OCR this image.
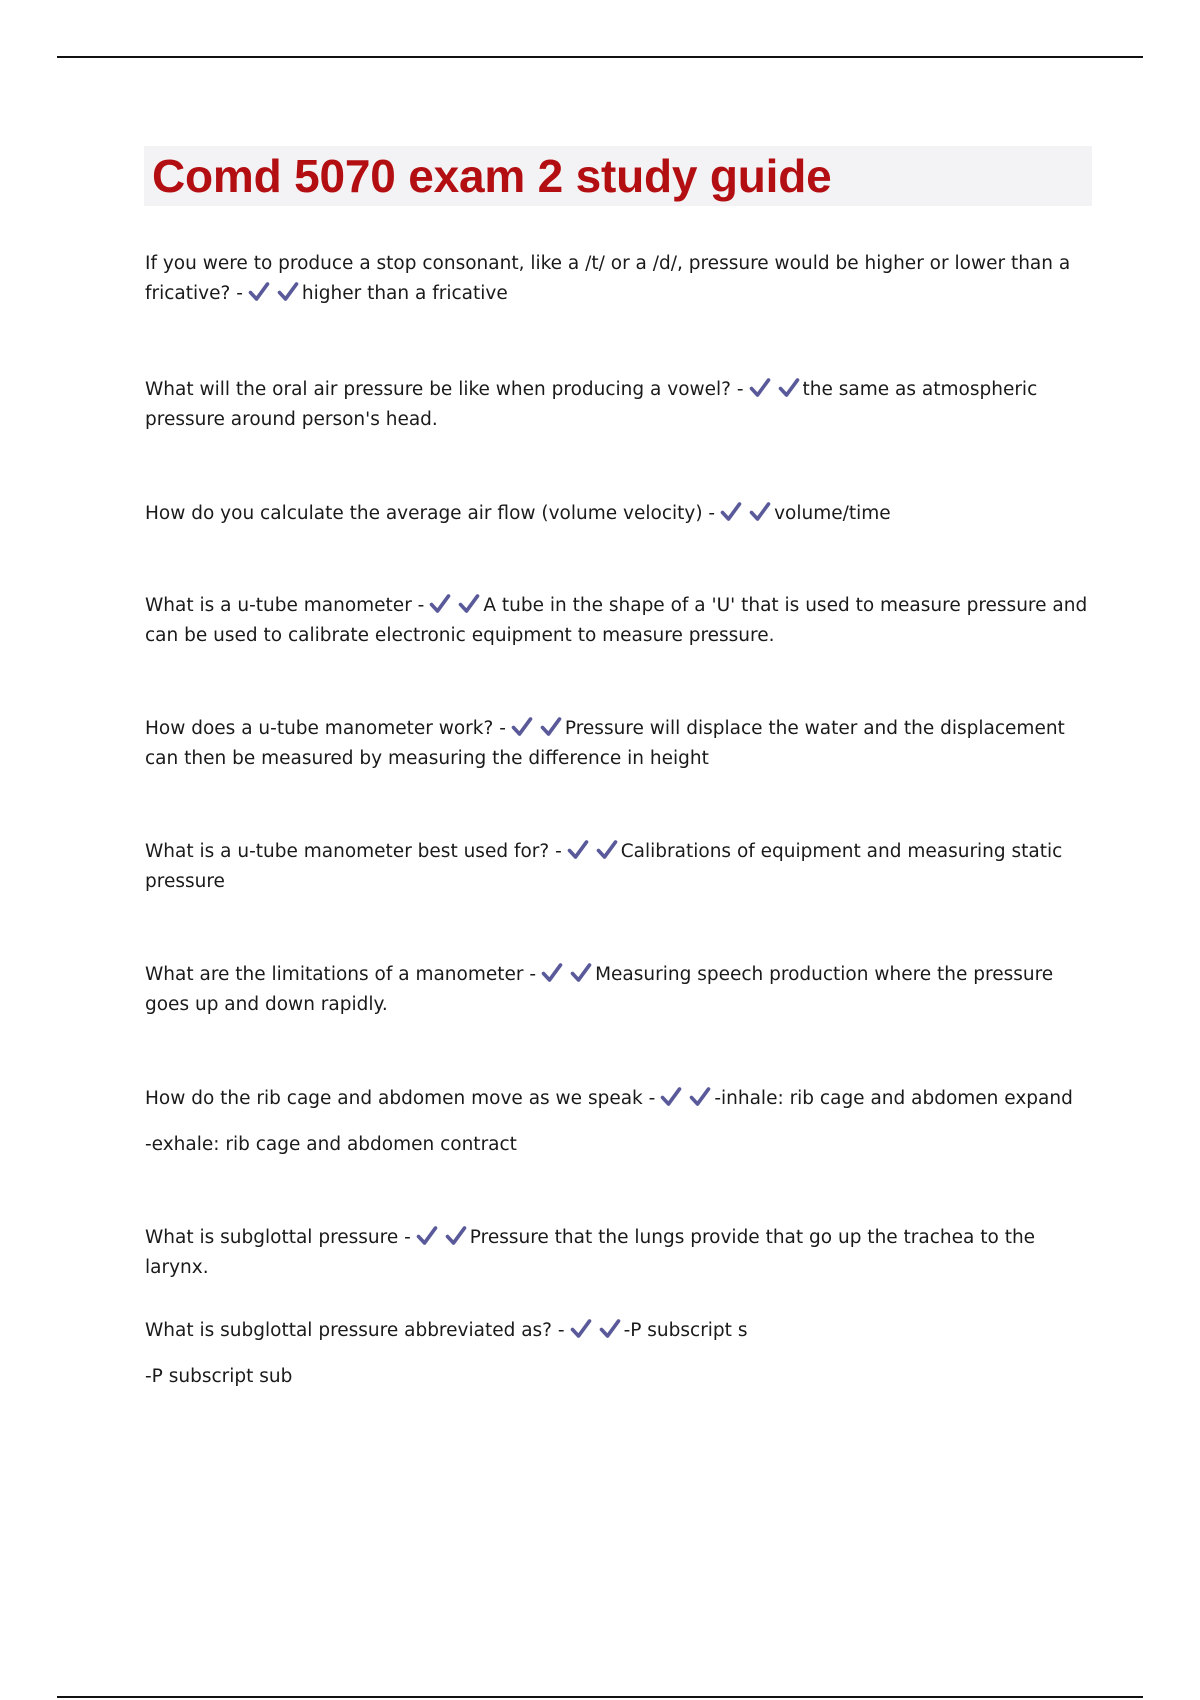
Comd 5070 exam 2 study guide

If you were to produce a stop consonant, like a /t/ or a /d/, pressure would be higher or lower than a fricative? -	higher than a fricative

What will the oral air pressure be like when producing a vowel? -	the same as atmospheric pressure around person's head.

How do you calculate the average air flow (volume velocity) -	volume/time

What is a u-tube manometer -	A tube in the shape of a 'U' that is used to measure pressure and can be used to calibrate electronic equipment to measure pressure.

How does a u-tube manometer work? -	Pressure will displace the water and the displacement can then be measured by measuring the difference in height

What is a u-tube manometer best used for? -	Calibrations of equipment and measuring static pressure

What are the limitations of a manometer -	Measuring speech production where the pressure goes up and down rapidly.

How do the rib cage and abdomen move as we speak -	-inhale: rib cage and abdomen expand

-exhale: rib cage and abdomen contract

What is subglottal pressure -	Pressure that the lungs provide that go up the trachea to the larynx.

What is subglottal pressure abbreviated as? -	-P subscript s

-P subscript sub
